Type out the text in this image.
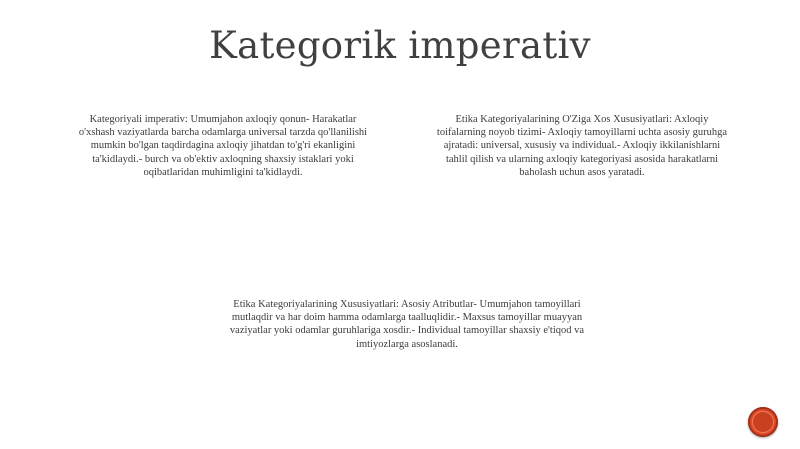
Kategorik imperativ
Kategoriyali imperativ: Umumjahon axloqiy qonun- Harakatlar o'xshash vaziyatlarda barcha odamlarga universal tarzda qo'llanilishi mumkin bo'lgan taqdirdagina axloqiy jihatdan to'g'ri ekanligini ta'kidlaydi.- burch va ob'ektiv axloqning shaxsiy istaklari yoki oqibatlaridan muhimligini ta'kidlaydi.
Etika Kategoriyalarining O'Ziga Xos Xususiyatlari: Axloqiy toifalarning noyob tizimi- Axloqiy tamoyillarni uchta asosiy guruhga ajratadi: universal, xususiy va individual.- Axloqiy ikkilanishlarni tahlil qilish va ularning axloqiy kategoriyasi asosida harakatlarni baholash uchun asos yaratadi.
Etika Kategoriyalarining Xususiyatlari: Asosiy Atributlar- Umumjahon tamoyillari mutlaqdir va har doim hamma odamlarga taalluqlidir.- Maxsus tamoyillar muayyan vaziyatlar yoki odamlar guruhlariga xosdir.- Individual tamoyillar shaxsiy e'tiqod va imtiyozlarga asoslanadi.
